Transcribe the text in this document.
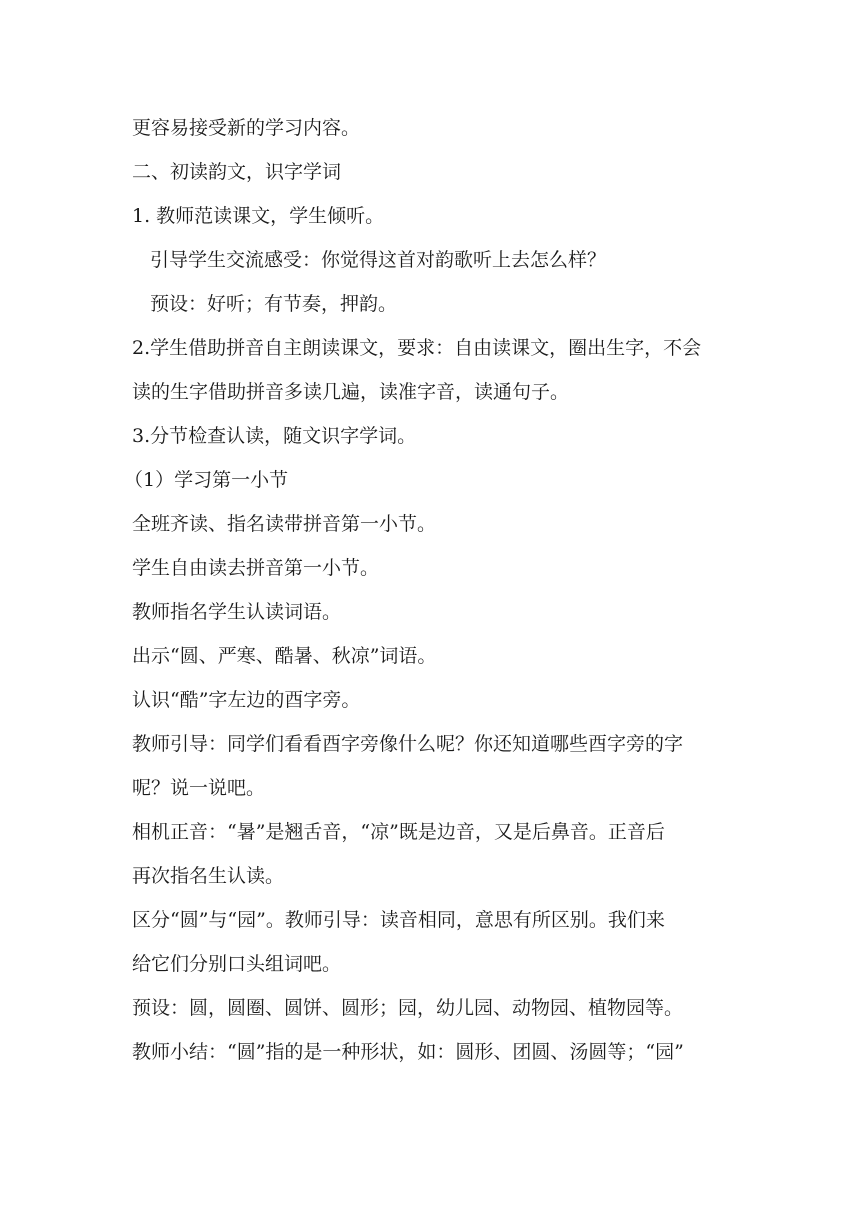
更容易接受新的学习内容。
二、初读韵文，识字学词
1. 教师范读课文，学生倾听。
引导学生交流感受：你觉得这首对韵歌听上去怎么样？
预设：好听；有节奏，押韵。
2.学生借助拼音自主朗读课文，要求：自由读课文，圈出生字，不会
读的生字借助拼音多读几遍，读准字音，读通句子。
3.分节检查认读，随文识字学词。
（1）学习第一小节
全班齐读、指名读带拼音第一小节。
学生自由读去拼音第一小节。
教师指名学生认读词语。
出示“圆、严寒、酷暑、秋凉”词语。
认识“酷”字左边的酉字旁。
教师引导：同学们看看酉字旁像什么呢？你还知道哪些酉字旁的字
呢？说一说吧。
相机正音：“暑”是翘舌音，“凉”既是边音，又是后鼻音。正音后
再次指名生认读。
区分“圆”与“园”。教师引导：读音相同，意思有所区别。我们来
给它们分别口头组词吧。
预设：圆，圆圈、圆饼、圆形；园，幼儿园、动物园、植物园等。
教师小结：“圆”指的是一种形状，如：圆形、团圆、汤圆等；“园”
